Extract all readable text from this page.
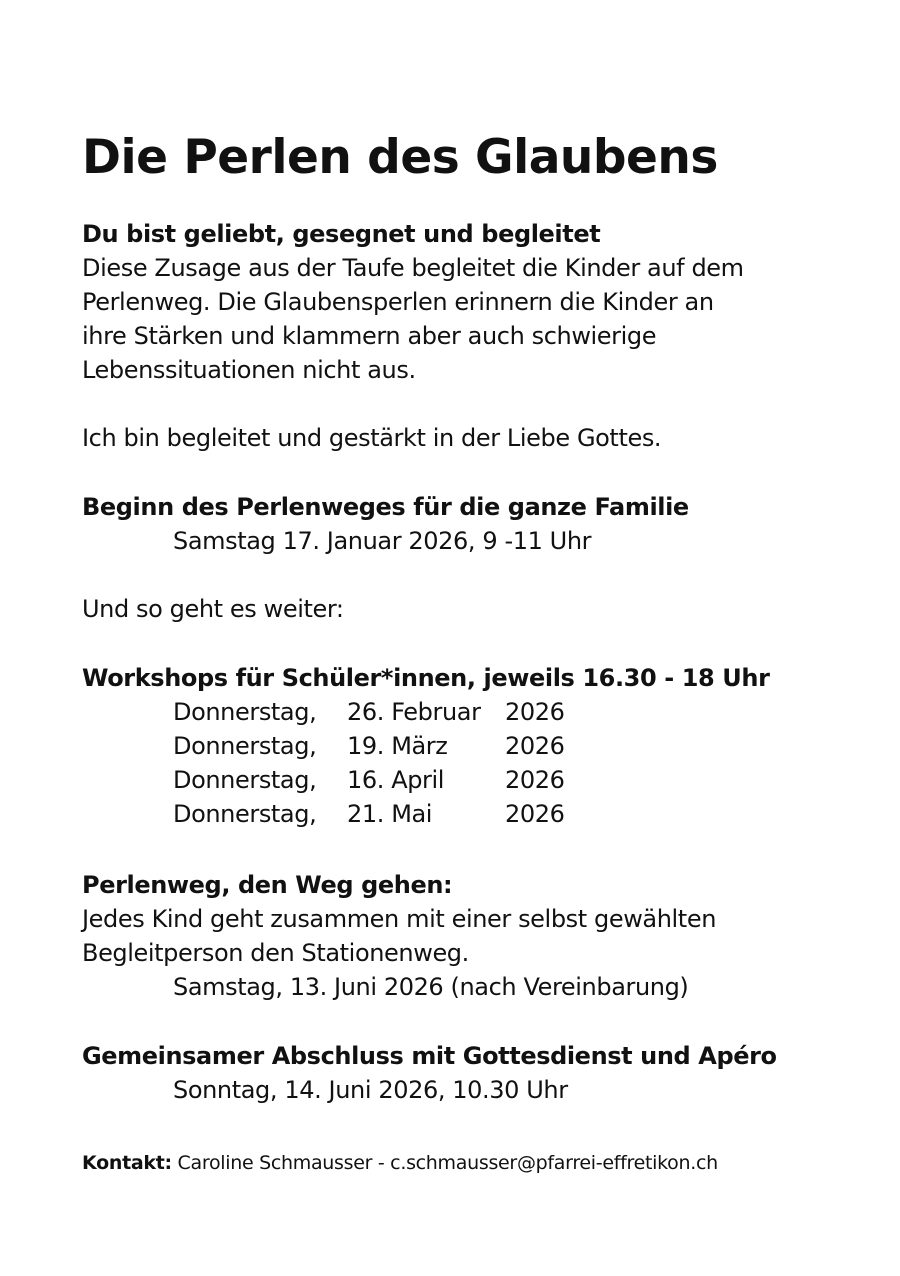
Die Perlen des Glaubens

Du bist geliebt, gesegnet und begleitet

Diese Zusage aus der Taufe begleitet die Kinder auf dem

Perlenweg. Die Glaubensperlen erinnern die Kinder an

ihre Stärken und klammern aber auch schwierige

Lebenssituationen nicht aus.

Ich bin begleitet und gestärkt in der Liebe Gottes.

Beginn des Perlenweges für die ganze Familie

Samstag 17. Januar 2026, 9 -11 Uhr

Und so geht es weiter:

Workshops für Schüler*innen, jeweils 16.30 - 18 Uhr

Donnerstag, 26. Februar 2026
Donnerstag, 19. März 2026
Donnerstag, 16. April	2026
Donnerstag, 21. Mai	2026

Perlenweg, den Weg gehen:

Jedes Kind geht zusammen mit einer selbst gewählten

Begleitperson den Stationenweg.

Samstag, 13. Juni 2026 (nach Vereinbarung)

Gemeinsamer Abschluss mit Gottesdienst und Apéro

Sonntag, 14. Juni 2026, 10.30 Uhr

Kontakt: Caroline Schmausser - c.schmausser@pfarrei-effretikon.ch
